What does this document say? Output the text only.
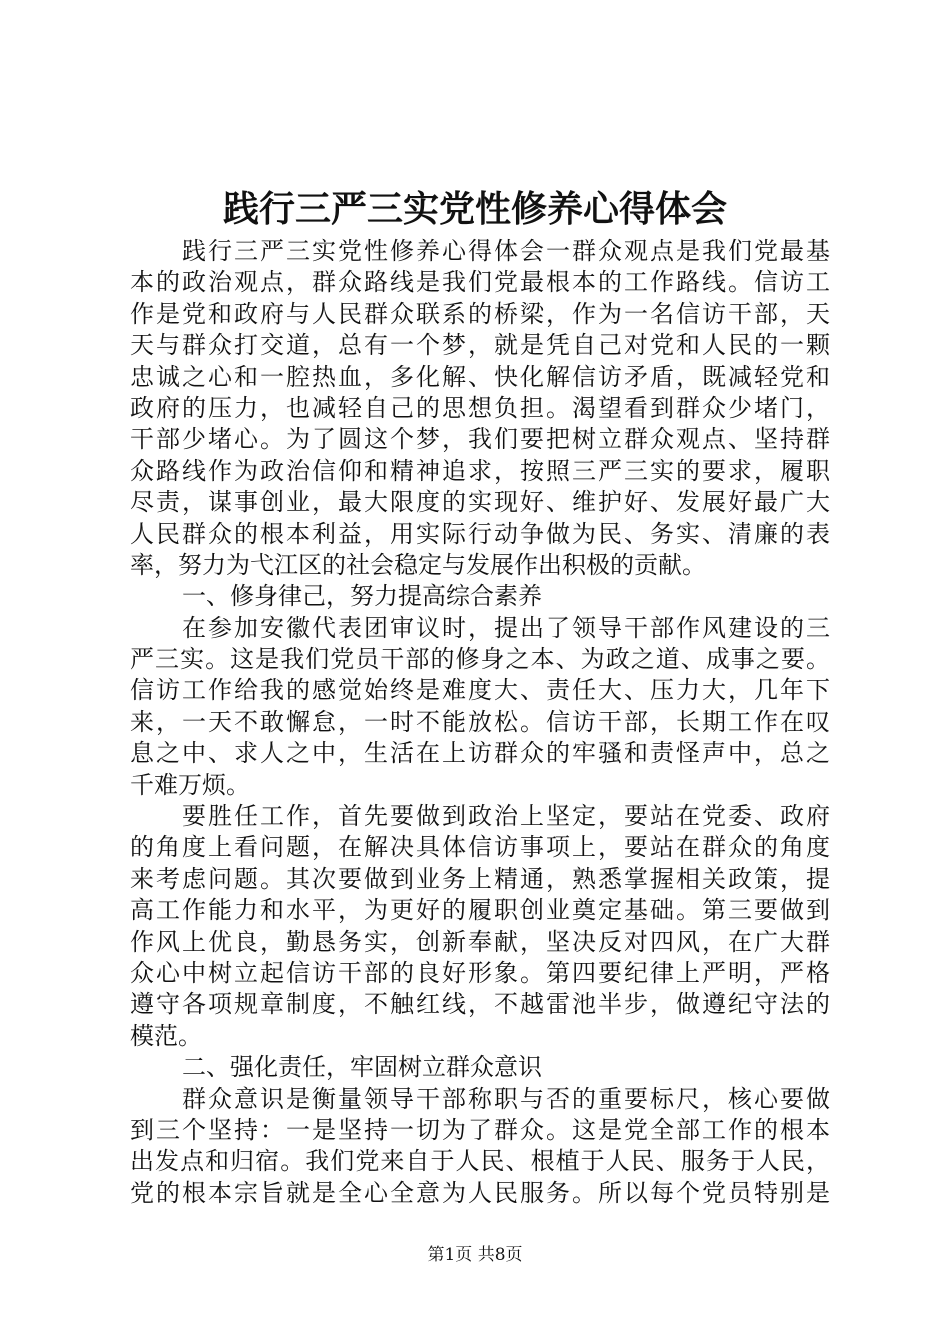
践行三严三实党性修养心得体会
践行三严三实党性修养心得体会一群众观点是我们党最基
本的政治观点，群众路线是我们党最根本的工作路线。信访工
作是党和政府与人民群众联系的桥梁，作为一名信访干部，天
天与群众打交道，总有一个梦，就是凭自己对党和人民的一颗
忠诚之心和一腔热血，多化解、快化解信访矛盾，既减轻党和
政府的压力，也减轻自己的思想负担。渴望看到群众少堵门，
干部少堵心。为了圆这个梦，我们要把树立群众观点、坚持群
众路线作为政治信仰和精神追求，按照三严三实的要求，履职
尽责，谋事创业，最大限度的实现好、维护好、发展好最广大
人民群众的根本利益，用实际行动争做为民、务实、清廉的表
率，努力为弋江区的社会稳定与发展作出积极的贡献。
一、修身律己，努力提高综合素养
在参加安徽代表团审议时，提出了领导干部作风建设的三
严三实。这是我们党员干部的修身之本、为政之道、成事之要。
信访工作给我的感觉始终是难度大、责任大、压力大，几年下
来，一天不敢懈怠，一时不能放松。信访干部，长期工作在叹
息之中、求人之中，生活在上访群众的牢骚和责怪声中，总之
千难万烦。
要胜任工作，首先要做到政治上坚定，要站在党委、政府
的角度上看问题，在解决具体信访事项上，要站在群众的角度
来考虑问题。其次要做到业务上精通，熟悉掌握相关政策，提
高工作能力和水平，为更好的履职创业奠定基础。第三要做到
作风上优良，勤恳务实，创新奉献，坚决反对四风，在广大群
众心中树立起信访干部的良好形象。第四要纪律上严明，严格
遵守各项规章制度，不触红线，不越雷池半步，做遵纪守法的
模范。
二、强化责任，牢固树立群众意识
群众意识是衡量领导干部称职与否的重要标尺，核心要做
到三个坚持：一是坚持一切为了群众。这是党全部工作的根本
出发点和归宿。我们党来自于人民、根植于人民、服务于人民，
党的根本宗旨就是全心全意为人民服务。所以每个党员特别是
第1页 共8页
